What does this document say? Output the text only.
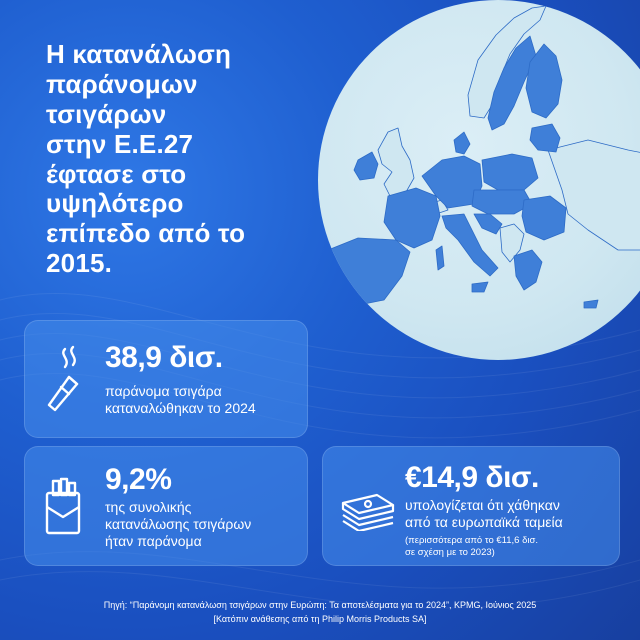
Η κατανάλωση
παράνομων
τσιγάρων
στην Ε.Ε.27
έφτασε στο
υψηλότερο
επίπεδο από το
2015.
38,9 δισ.
παράνομα τσιγάρα
καταναλώθηκαν το 2024
9,2%
της συνολικής
κατανάλωσης τσιγάρων
ήταν παράνομα
€14,9 δισ.
υπολογίζεται ότι χάθηκαν
από τα ευρωπαϊκά ταμεία
(περισσότερα από το €11,6 δισ.
σε σχέση με το 2023)
Πηγή: “Παράνομη κατανάλωση τσιγάρων στην Ευρώπη: Τα αποτελέσματα για το 2024”, KPMG, Ιούνιος 2025
[Κατόπιν ανάθεσης από τη Philip Morris Products SA]
